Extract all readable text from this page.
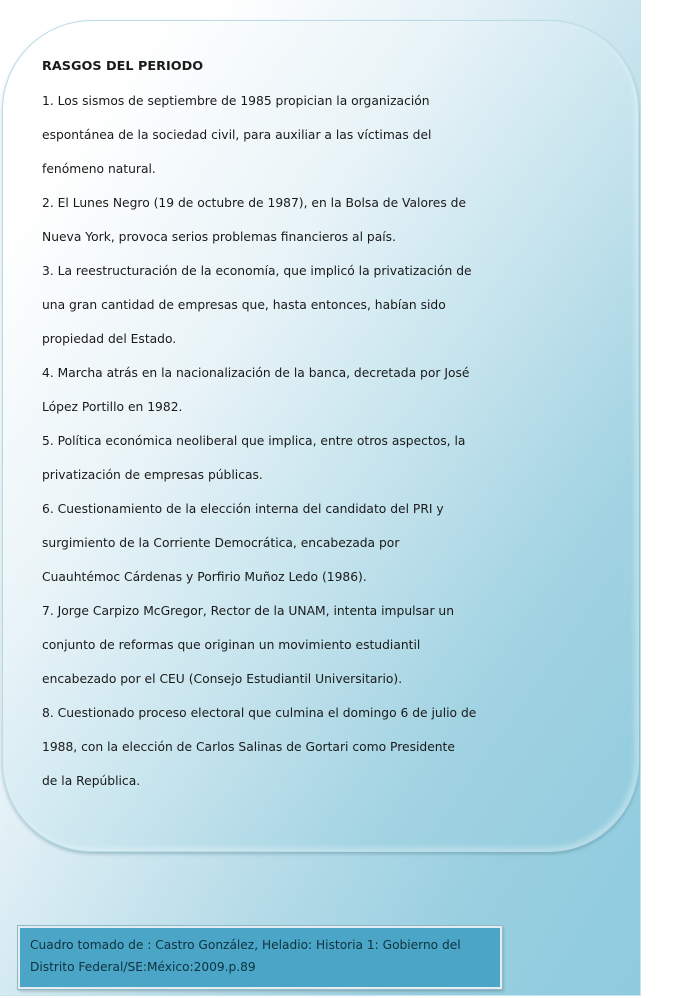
RASGOS DEL PERIODO

1. Los sismos de septiembre de 1985 propician la organización

espontánea de la sociedad civil, para auxiliar a las víctimas del

fenómeno natural.

2. El Lunes Negro (19 de octubre de 1987), en la Bolsa de Valores de

Nueva York, provoca serios problemas financieros al país.

3. La reestructuración de la economía, que implicó la privatización de

una gran cantidad de empresas que, hasta entonces, habían sido

propiedad del Estado.

4. Marcha atrás en la nacionalización de la banca, decretada por José

López Portillo en 1982.

5. Política económica neoliberal que implica, entre otros aspectos, la

privatización de empresas públicas.

6. Cuestionamiento de la elección interna del candidato del PRI y

surgimiento de la Corriente Democrática, encabezada por

Cuauhtémoc Cárdenas y Porfirio Muñoz Ledo (1986).

7. Jorge Carpizo McGregor, Rector de la UNAM, intenta impulsar un

conjunto de reformas que originan un movimiento estudiantil

encabezado por el CEU (Consejo Estudiantil Universitario).

8. Cuestionado proceso electoral que culmina el domingo 6 de julio de

1988, con la elección de Carlos Salinas de Gortari como Presidente

de la República.

Cuadro tomado de : Castro González, Heladio: Historia 1: Gobierno del

Distrito Federal/SE:México:2009.p.89
